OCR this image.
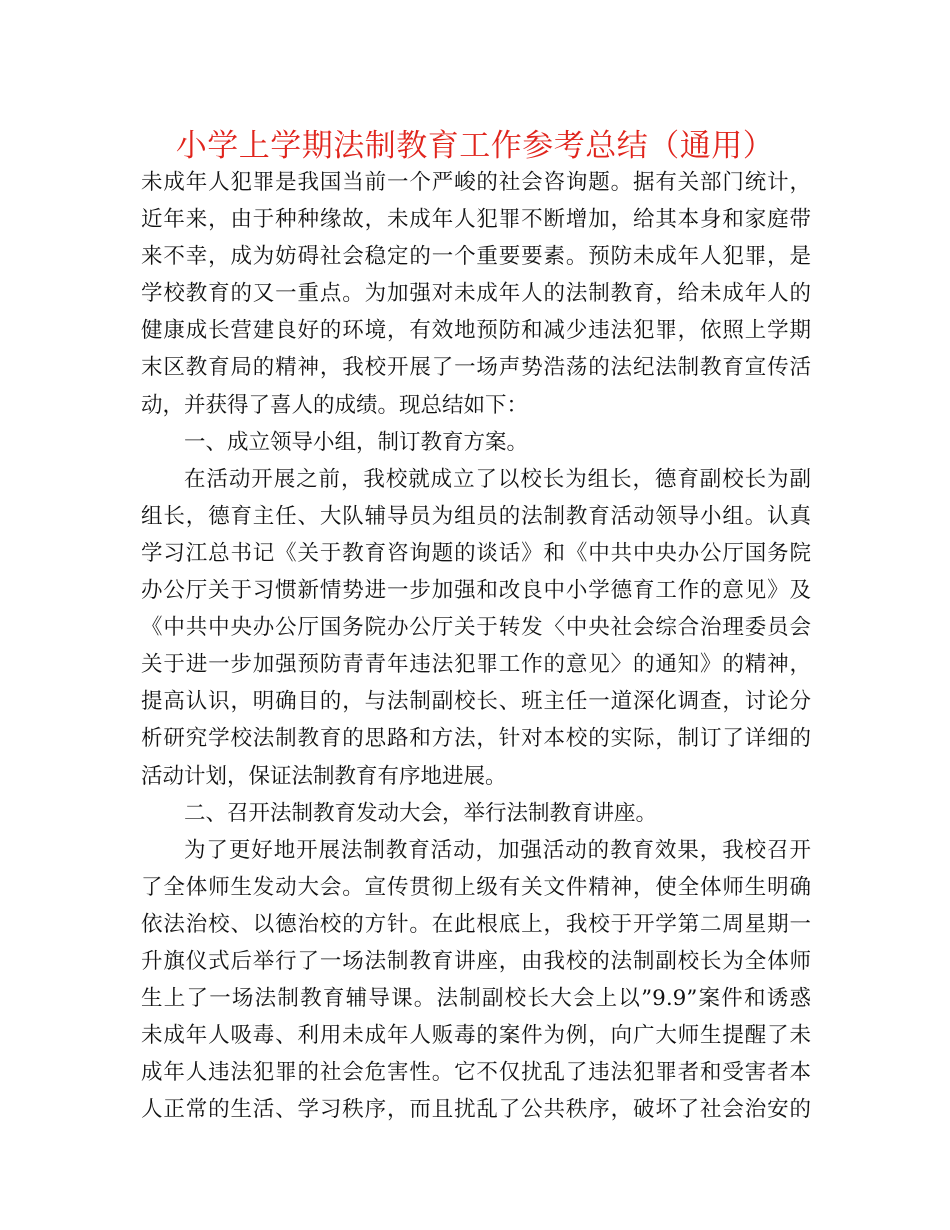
小学上学期法制教育工作参考总结（通用）
未成年人犯罪是我国当前一个严峻的社会咨询题。据有关部门统计，
近年来，由于种种缘故，未成年人犯罪不断增加，给其本身和家庭带
来不幸，成为妨碍社会稳定的一个重要要素。预防未成年人犯罪，是
学校教育的又一重点。为加强对未成年人的法制教育，给未成年人的
健康成长营建良好的环境，有效地预防和减少违法犯罪，依照上学期
末区教育局的精神，我校开展了一场声势浩荡的法纪法制教育宣传活
动，并获得了喜人的成绩。现总结如下：
一、成立领导小组，制订教育方案。
在活动开展之前，我校就成立了以校长为组长，德育副校长为副
组长，德育主任、大队辅导员为组员的法制教育活动领导小组。认真
学习江总书记《关于教育咨询题的谈话》和《中共中央办公厅国务院
办公厅关于习惯新情势进一步加强和改良中小学德育工作的意见》及
《中共中央办公厅国务院办公厅关于转发〈中央社会综合治理委员会
关于进一步加强预防青青年违法犯罪工作的意见〉的通知》的精神，
提高认识，明确目的，与法制副校长、班主任一道深化调查，讨论分
析研究学校法制教育的思路和方法，针对本校的实际，制订了详细的
活动计划，保证法制教育有序地进展。
二、召开法制教育发动大会，举行法制教育讲座。
为了更好地开展法制教育活动，加强活动的教育效果，我校召开
了全体师生发动大会。宣传贯彻上级有关文件精神，使全体师生明确
依法治校、以德治校的方针。在此根底上，我校于开学第二周星期一
升旗仪式后举行了一场法制教育讲座，由我校的法制副校长为全体师
生上了一场法制教育辅导课。法制副校长大会上以”9.9”案件和诱惑
未成年人吸毒、利用未成年人贩毒的案件为例，向广大师生提醒了未
成年人违法犯罪的社会危害性。它不仅扰乱了违法犯罪者和受害者本
人正常的生活、学习秩序，而且扰乱了公共秩序，破坏了社会治安的
